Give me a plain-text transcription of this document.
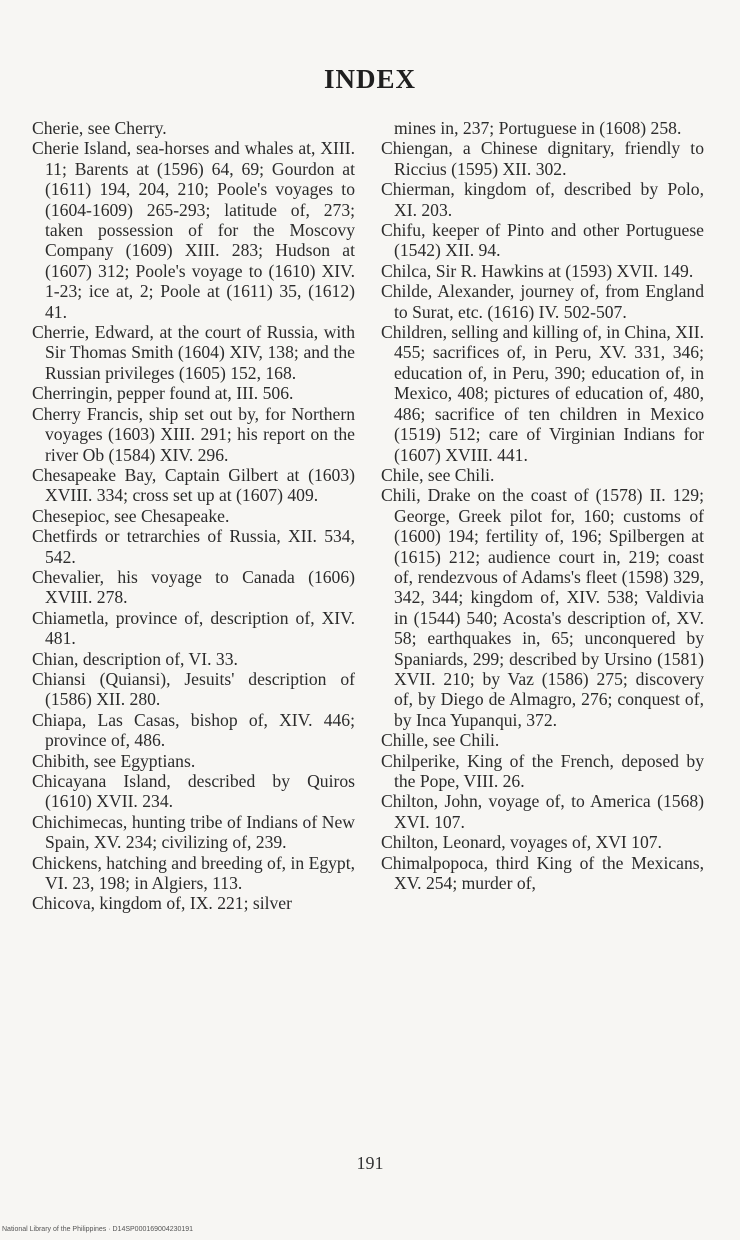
INDEX
Cherie, see Cherry.
Cherie Island, sea-horses and whales at, XIII. 11; Barents at (1596) 64, 69; Gourdon at (1611) 194, 204, 210; Poole's voyages to (1604-1609) 265-293; latitude of, 273; taken possession of for the Moscovy Company (1609) XIII. 283; Hudson at (1607) 312; Poole's voyage to (1610) XIV. 1-23; ice at, 2; Poole at (1611) 35, (1612) 41.
Cherrie, Edward, at the court of Russia, with Sir Thomas Smith (1604) XIV, 138; and the Russian privileges (1605) 152, 168.
Cherringin, pepper found at, III. 506.
Cherry Francis, ship set out by, for Northern voyages (1603) XIII. 291; his report on the river Ob (1584) XIV. 296.
Chesapeake Bay, Captain Gilbert at (1603) XVIII. 334; cross set up at (1607) 409.
Chesepioc, see Chesapeake.
Chetfirds or tetrarchies of Russia, XII. 534, 542.
Chevalier, his voyage to Canada (1606) XVIII. 278.
Chiametla, province of, description of, XIV. 481.
Chian, description of, VI. 33.
Chiansi (Quiansi), Jesuits' description of (1586) XII. 280.
Chiapa, Las Casas, bishop of, XIV. 446; province of, 486.
Chibith, see Egyptians.
Chicayana Island, described by Quiros (1610) XVII. 234.
Chichimecas, hunting tribe of Indians of New Spain, XV. 234; civilizing of, 239.
Chickens, hatching and breeding of, in Egypt, VI. 23, 198; in Algiers, 113.
Chicova, kingdom of, IX. 221; silver
mines in, 237; Portuguese in (1608) 258.
Chiengan, a Chinese dignitary, friendly to Riccius (1595) XII. 302.
Chierman, kingdom of, described by Polo, XI. 203.
Chifu, keeper of Pinto and other Portuguese (1542) XII. 94.
Chilca, Sir R. Hawkins at (1593) XVII. 149.
Childe, Alexander, journey of, from England to Surat, etc. (1616) IV. 502-507.
Children, selling and killing of, in China, XII. 455; sacrifices of, in Peru, XV. 331, 346; education of, in Peru, 390; education of, in Mexico, 408; pictures of education of, 480, 486; sacrifice of ten children in Mexico (1519) 512; care of Virginian Indians for (1607) XVIII. 441.
Chile, see Chili.
Chili, Drake on the coast of (1578) II. 129; George, Greek pilot for, 160; customs of (1600) 194; fertility of, 196; Spilbergen at (1615) 212; audience court in, 219; coast of, rendezvous of Adams's fleet (1598) 329, 342, 344; kingdom of, XIV. 538; Valdivia in (1544) 540; Acosta's description of, XV. 58; earthquakes in, 65; unconquered by Spaniards, 299; described by Ursino (1581) XVII. 210; by Vaz (1586) 275; discovery of, by Diego de Almagro, 276; conquest of, by Inca Yupanqui, 372.
Chille, see Chili.
Chilperike, King of the French, deposed by the Pope, VIII. 26.
Chilton, John, voyage of, to America (1568) XVI. 107.
Chilton, Leonard, voyages of, XVI 107.
Chimalpopoca, third King of the Mexicans, XV. 254; murder of,
191
National Library of the Philippines · D14SP000169004230191
